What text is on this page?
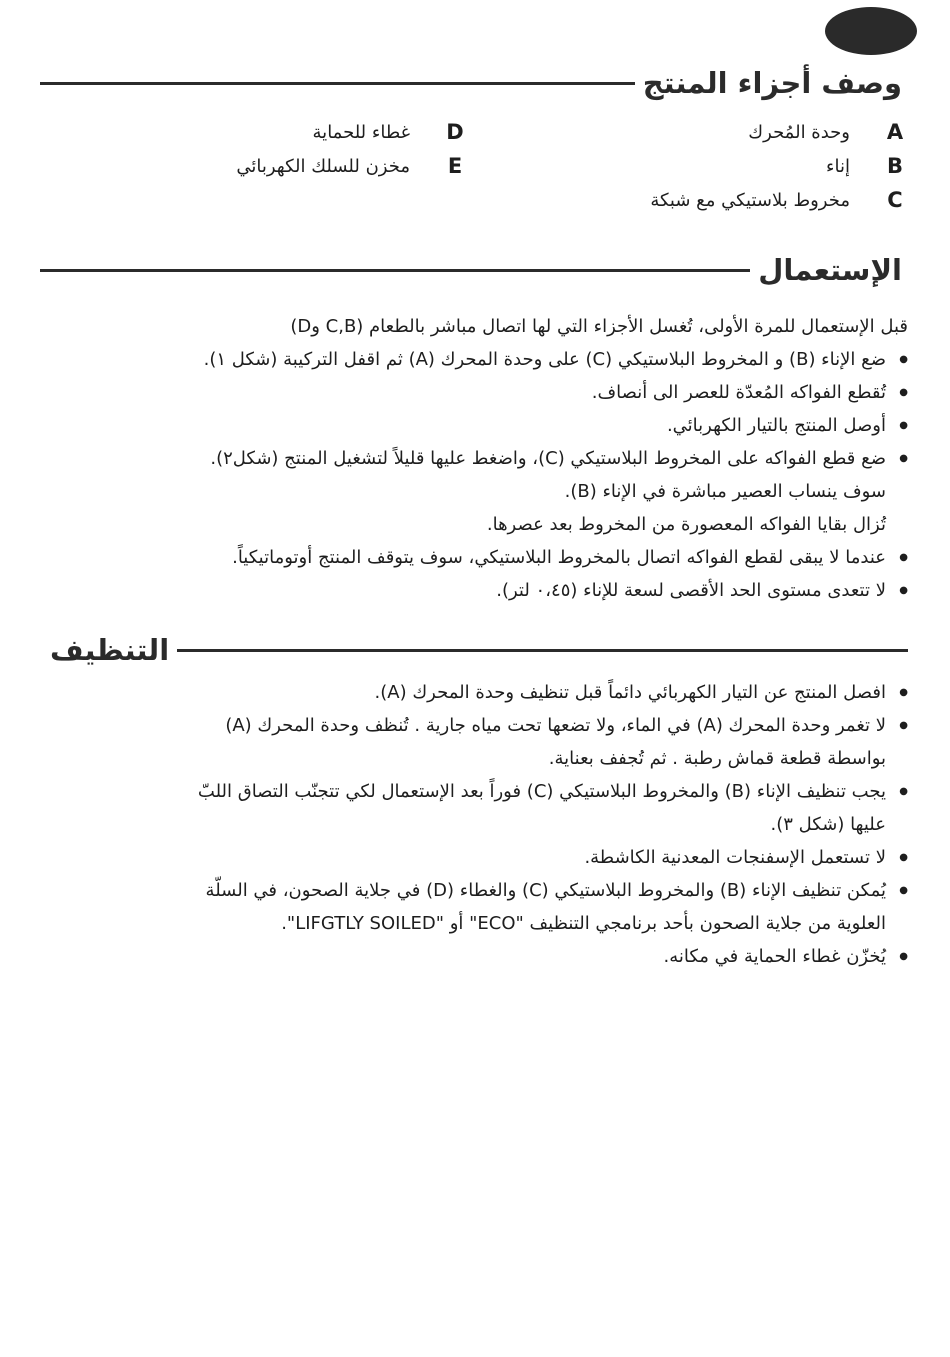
وصف أجزاء المنتج
A
وحدة المُحرك
B
إناء
C
مخروط بلاستيكي مع شبكة
D
غطاء للحماية
E
مخزن للسلك الكهربائي
الإستعمال

قبل الإستعمال للمرة الأولى، تُغسل الأجزاء التي لها اتصال مباشر بالطعام (C,B وD)

● ضع الإناء (B) و المخروط البلاستيكي (C) على وحدة المحرك (A) ثم اقفل التركيبة (شكل ١).

● تُقطع الفواكه المُعدّة للعصر الى أنصاف.

● أوصل المنتج بالتيار الكهربائي.

● ضع قطع الفواكه على المخروط البلاستيكي (C)، واضغط عليها قليلاً لتشغيل المنتج (شكل٢).

سوف ينساب العصير مباشرة في الإناء (B).

تُزال بقايا الفواكه المعصورة من المخروط بعد عصرها.

● عندما لا يبقى لقطع الفواكه اتصال بالمخروط البلاستيكي، سوف يتوقف المنتج أوتوماتيكياً.

● لا تتعدى مستوى الحد الأقصى لسعة للإناء (٠،٤٥ لتر).

التنظيف

● افصل المنتج عن التيار الكهربائي دائماً قبل تنظيف وحدة المحرك (A).

● لا تغمر وحدة المحرك (A) في الماء، ولا تضعها تحت مياه جارية . تُنظف وحدة المحرك (A)

بواسطة قطعة قماش رطبة . ثم تُجفف بعناية.

● يجب تنظيف الإناء (B) والمخروط البلاستيكي (C) فوراً بعد الإستعمال لكي تتجنّب التصاق اللبّ

عليها (شكل ٣).

● لا تستعمل الإسفنجات المعدنية الكاشطة.

● يُمكن تنظيف الإناء (B) والمخروط البلاستيكي (C) والغطاء (D) في جلاية الصحون، في السلّة

العلوية من جلاية الصحون بأحد برنامجي التنظيف "ECO" أو "LIFGTLY SOILED".

● يُخزّن غطاء الحماية في مكانه.
